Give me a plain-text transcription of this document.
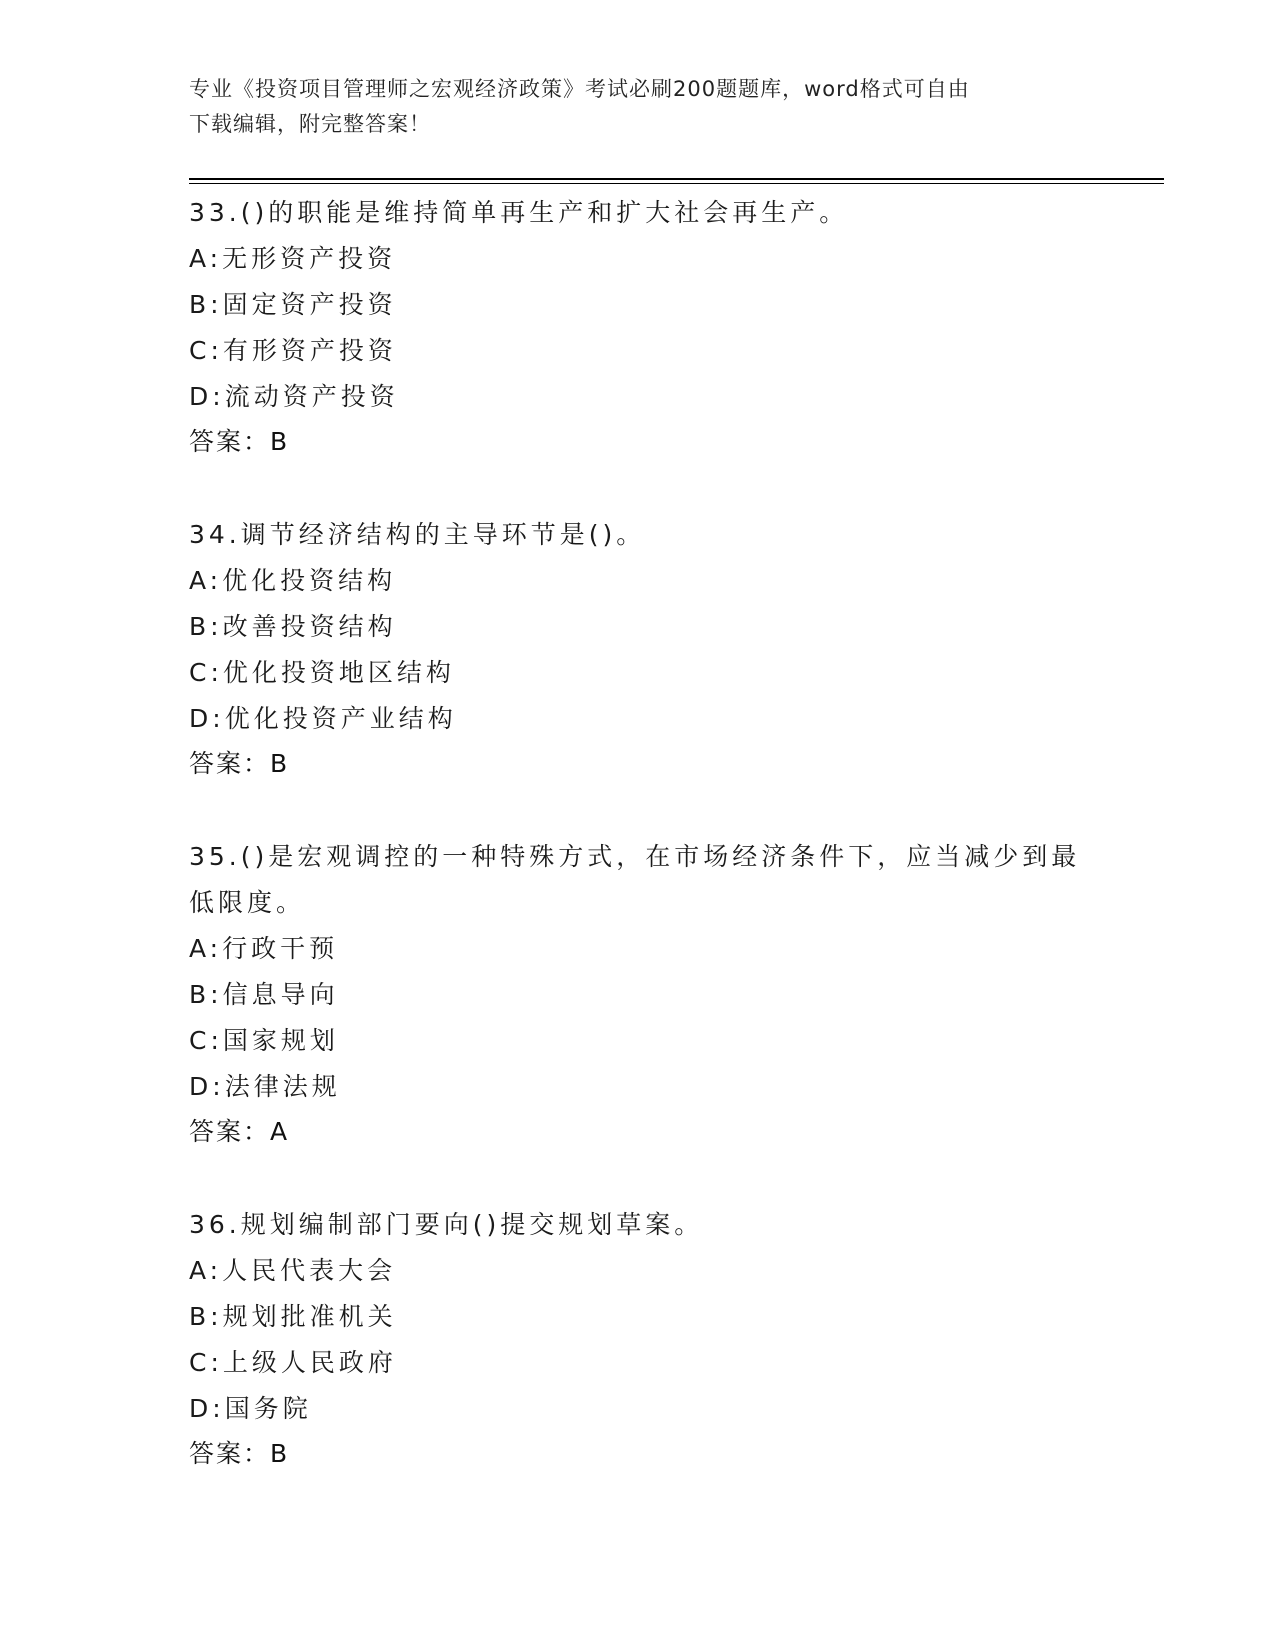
专业《投资项目管理师之宏观经济政策》考试必刷200题题库，word格式可自由
下载编辑，附完整答案！
33.()的职能是维持简单再生产和扩大社会再生产。
A:无形资产投资
B:固定资产投资
C:有形资产投资
D:流动资产投资
答案：B
34.调节经济结构的主导环节是()。
A:优化投资结构
B:改善投资结构
C:优化投资地区结构
D:优化投资产业结构
答案：B
35.()是宏观调控的一种特殊方式，在市场经济条件下，应当减少到最
低限度。
A:行政干预
B:信息导向
C:国家规划
D:法律法规
答案：A
36.规划编制部门要向()提交规划草案。
A:人民代表大会
B:规划批准机关
C:上级人民政府
D:国务院
答案：B
